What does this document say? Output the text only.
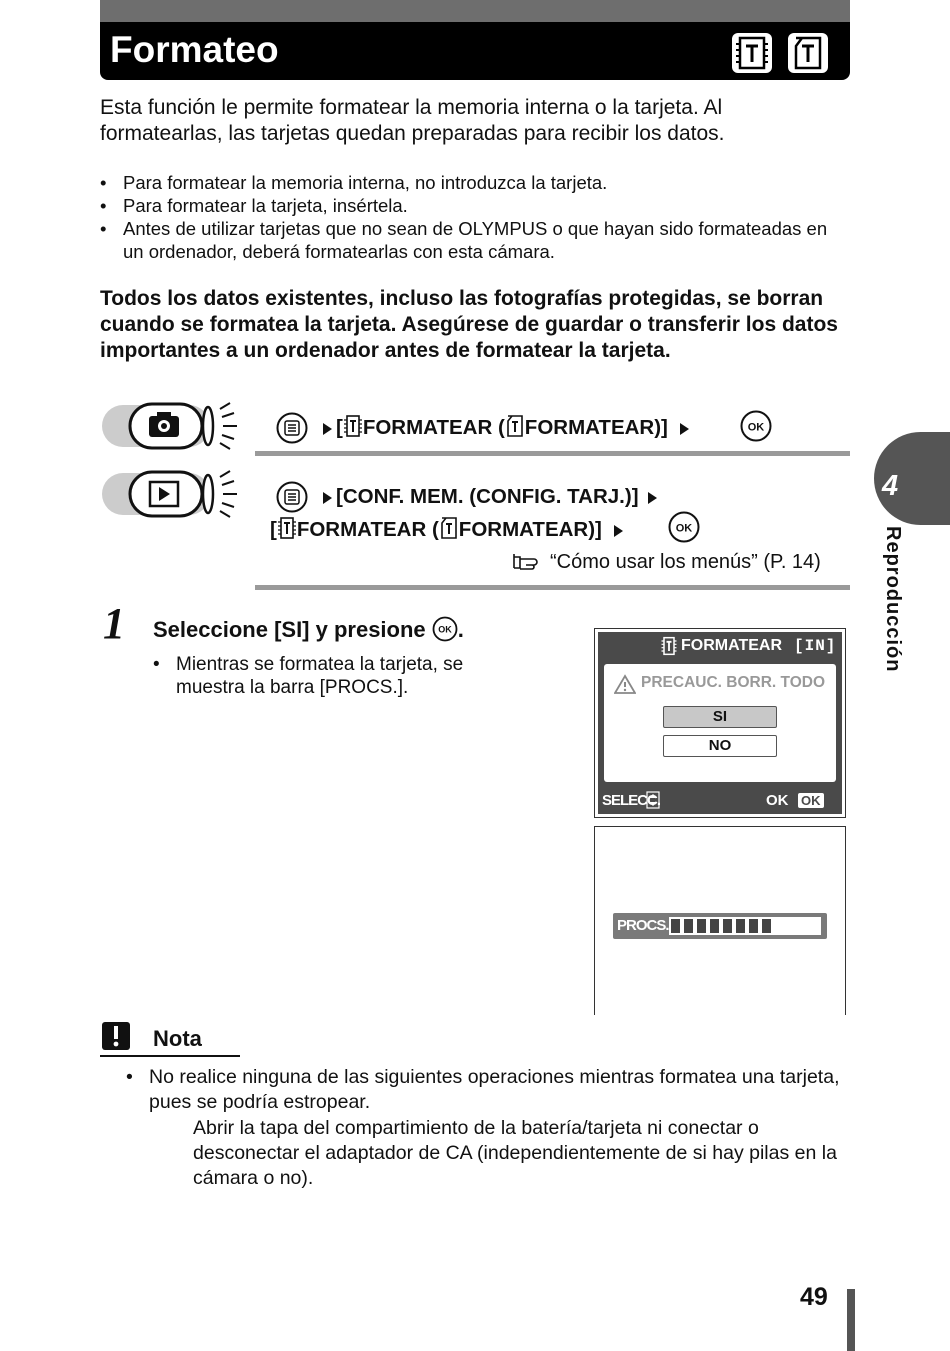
Formateo
Esta función le permite formatear la memoria interna o la tarjeta. Al formatearlas, las tarjetas quedan preparadas para recibir los datos.
• Para formatear la memoria interna, no introduzca la tarjeta.
• Para formatear la tarjeta, insértela.
• Antes de utilizar tarjetas que no sean de OLYMPUS o que hayan sido formateadas en un ordenador, deberá formatearlas con esta cámara.
Todos los datos existentes, incluso las fotografías protegidas, se borran cuando se formatea la tarjeta. Asegúrese de guardar o transferir los datos importantes a un ordenador antes de formatear la tarjeta.
[ FORMATEAR ( FORMATEAR)]	OK
[CONF. MEM. (CONFIG. TARJ.)]
[ FORMATEAR ( FORMATEAR)]	OK
“Cómo usar los menús” (P. 14)
1 Seleccione [SI] y presione OK .
• Mientras se formatea la tarjeta, se muestra la barra [PROCS.].
FORMATEAR [IN]
PRECAUC. BORR. TODO
SI
NO
SELECC.	OK OK
PROCS.
Nota
• No realice ninguna de las siguientes operaciones mientras formatea una tarjeta, pues se podría estropear.
Abrir la tapa del compartimiento de la batería/tarjeta ni conectar o desconectar el adaptador de CA (independientemente de si hay pilas en la cámara o no).
4
Reproducción
49
